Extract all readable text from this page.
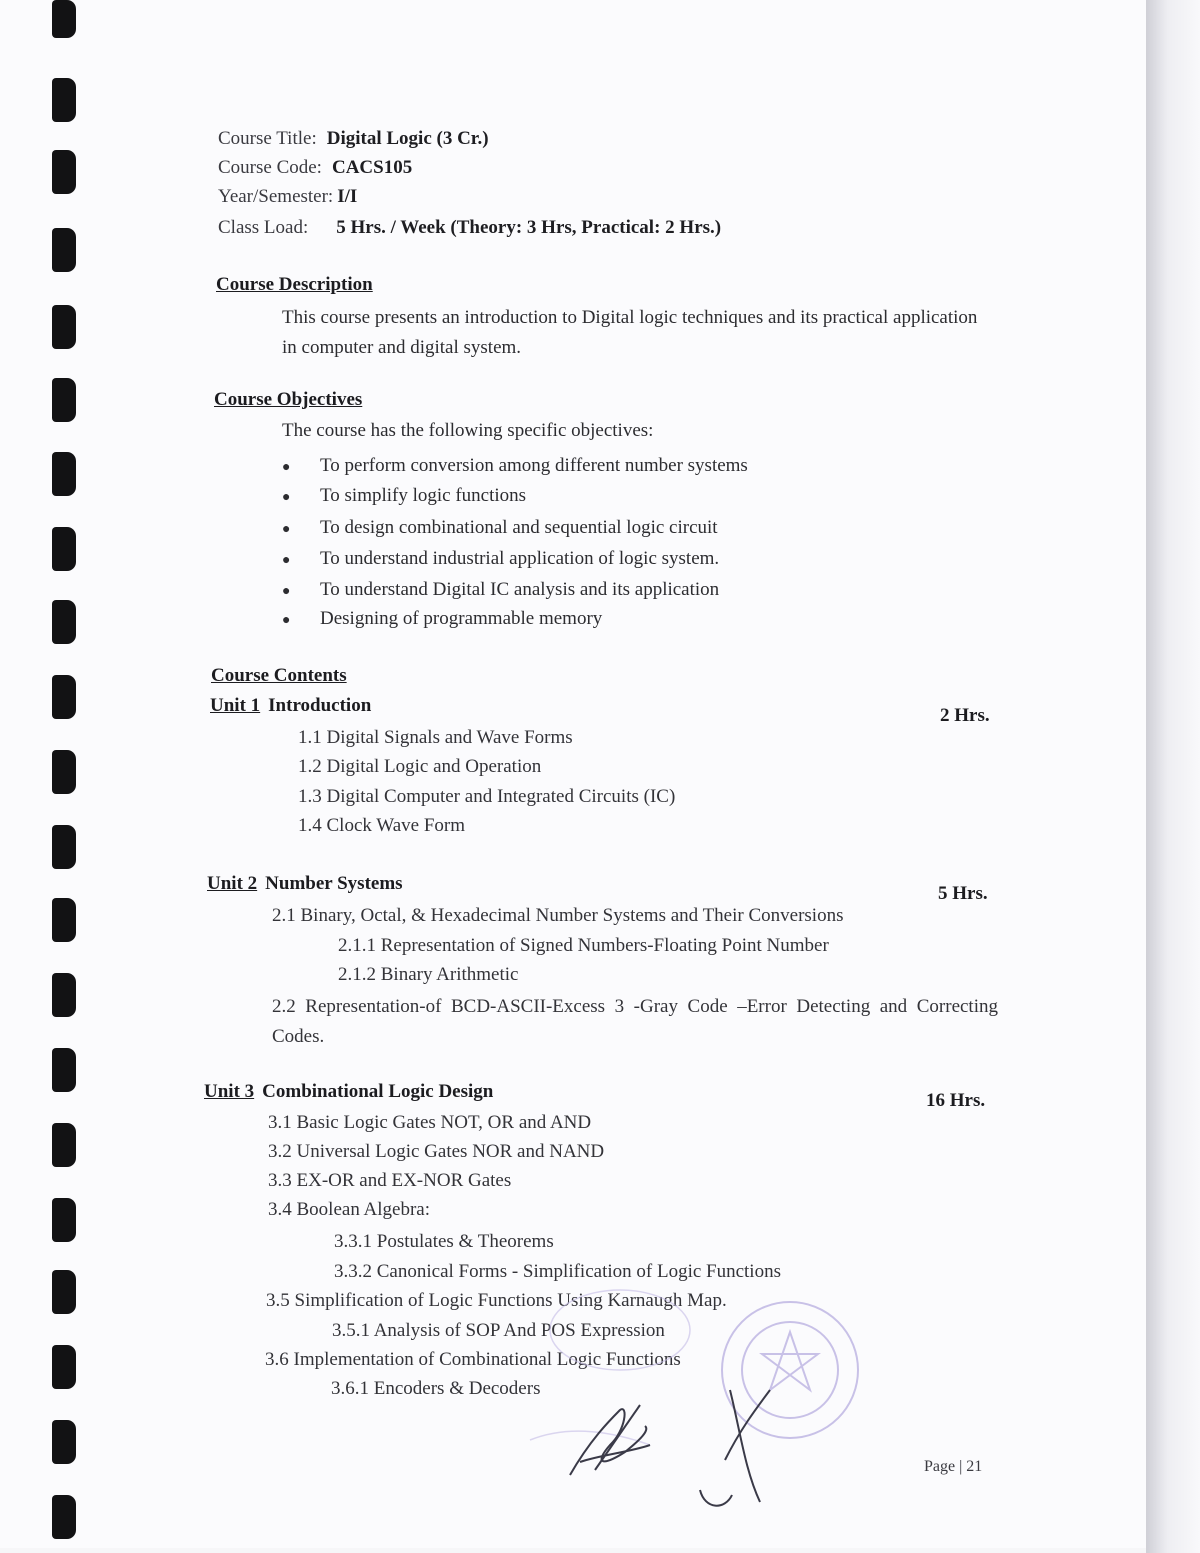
Course Title: Digital Logic (3 Cr.)
Course Code: CACS105
Year/Semester: I/I
Class Load: 5 Hrs. / Week (Theory: 3 Hrs, Practical: 2 Hrs.)
Course Description
This course presents an introduction to Digital logic techniques and its practical application in computer and digital system.
Course Objectives
The course has the following specific objectives:
● To perform conversion among different number systems
● To simplify logic functions
● To design combinational and sequential logic circuit
● To understand industrial application of logic system.
● To understand Digital IC analysis and its application
● Designing of programmable memory
Course Contents
Unit 1 Introduction	2 Hrs.
1.1 Digital Signals and Wave Forms
1.2 Digital Logic and Operation
1.3 Digital Computer and Integrated Circuits (IC)
1.4 Clock Wave Form
Unit 2 Number Systems	5 Hrs.
2.1 Binary, Octal, & Hexadecimal Number Systems and Their Conversions
2.1.1 Representation of Signed Numbers-Floating Point Number
2.1.2 Binary Arithmetic
2.2 Representation-of BCD-ASCII-Excess 3 -Gray Code –Error Detecting and Correcting Codes.
Unit 3 Combinational Logic Design	16 Hrs.
3.1 Basic Logic Gates NOT, OR and AND
3.2 Universal Logic Gates NOR and NAND
3.3 EX-OR and EX-NOR Gates
3.4 Boolean Algebra:
3.3.1 Postulates & Theorems
3.3.2 Canonical Forms - Simplification of Logic Functions
3.5 Simplification of Logic Functions Using Karnaugh Map.
3.5.1 Analysis of SOP And POS Expression
3.6 Implementation of Combinational Logic Functions
3.6.1 Encoders & Decoders
Page | 21
